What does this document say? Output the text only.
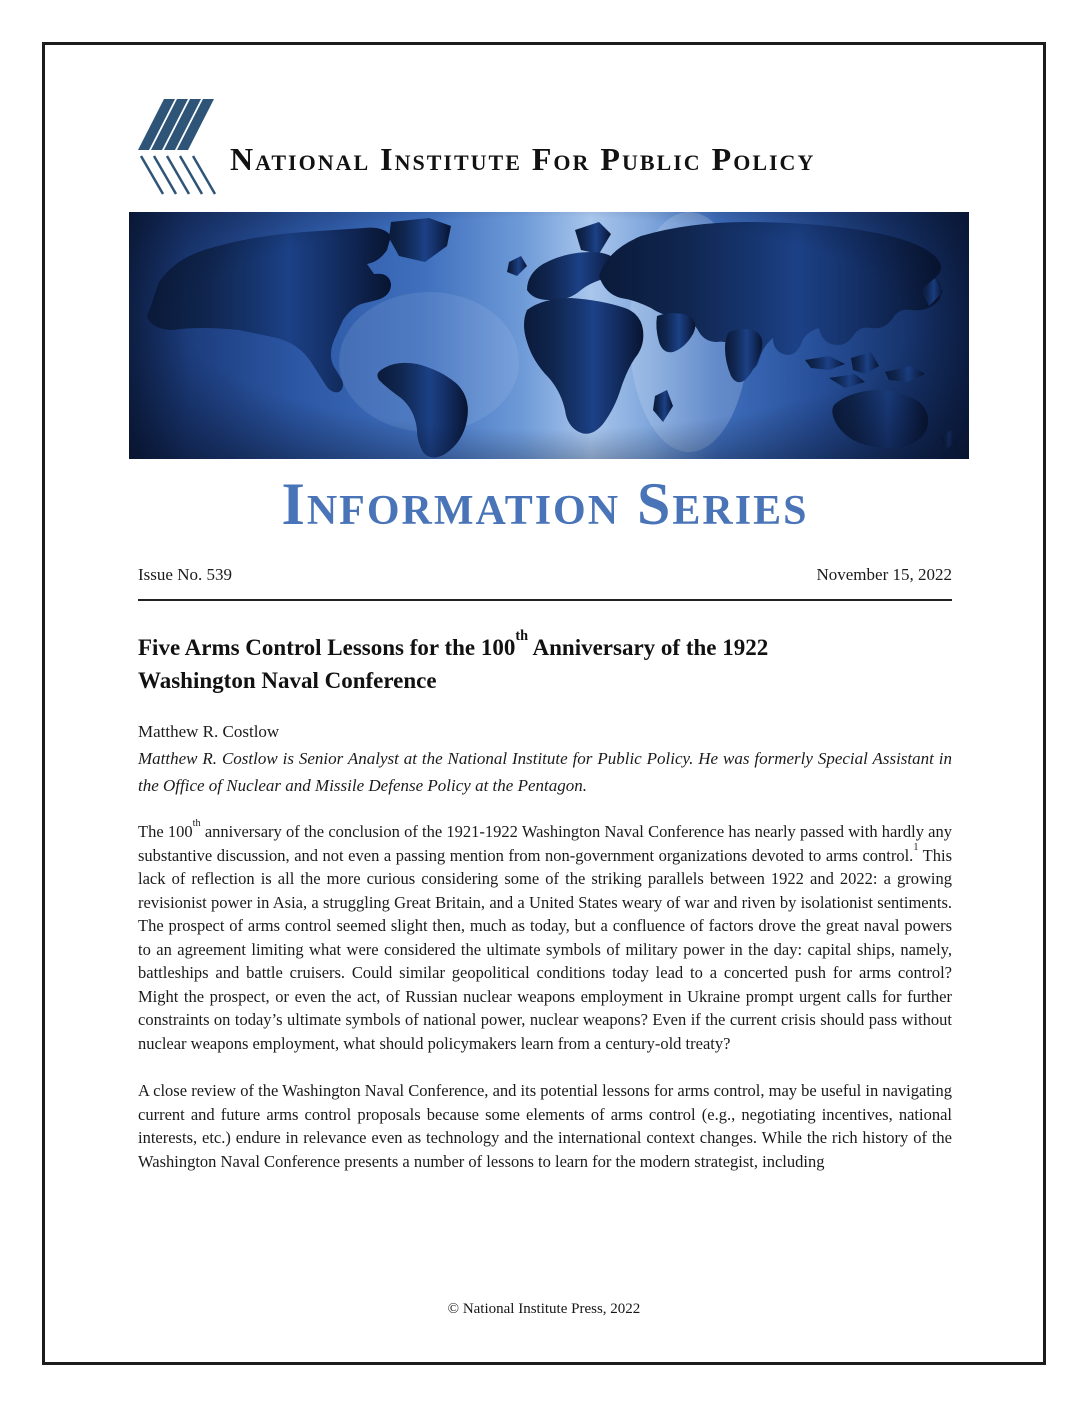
National Institute For Public Policy
Information Series
Issue No. 539	November 15, 2022
Five Arms Control Lessons for the 100th Anniversary of the 1922
Washington Naval Conference

Matthew R. Costlow

Matthew R. Costlow is Senior Analyst at the National Institute for Public Policy. He was formerly Special Assistant in the Office of Nuclear and Missile Defense Policy at the Pentagon.

The 100th anniversary of the conclusion of the 1921-1922 Washington Naval Conference has nearly passed with hardly any substantive discussion, and not even a passing mention from non-government organizations devoted to arms control.$^1$ This lack of reflection is all the more curious considering some of the striking parallels between 1922 and 2022: a growing revisionist power in Asia, a struggling Great Britain, and a United States weary of war and riven by isolationist sentiments. The prospect of arms control seemed slight then, much as today, but a confluence of factors drove the great naval powers to an agreement limiting what were considered the ultimate symbols of military power in the day: capital ships, namely, battleships and battle cruisers. Could similar geopolitical conditions today lead to a concerted push for arms control? Might the prospect, or even the act, of Russian nuclear weapons employment in Ukraine prompt urgent calls for further constraints on today’s ultimate symbols of national power, nuclear weapons? Even if the current crisis should pass without nuclear weapons employment, what should policymakers learn from a century-old treaty?

A close review of the Washington Naval Conference, and its potential lessons for arms control, may be useful in navigating current and future arms control proposals because some elements of arms control (e.g., negotiating incentives, national interests, etc.) endure in relevance even as technology and the international context changes. While the rich history of the Washington Naval Conference presents a number of lessons to learn for the modern strategist, including

© National Institute Press, 2022
